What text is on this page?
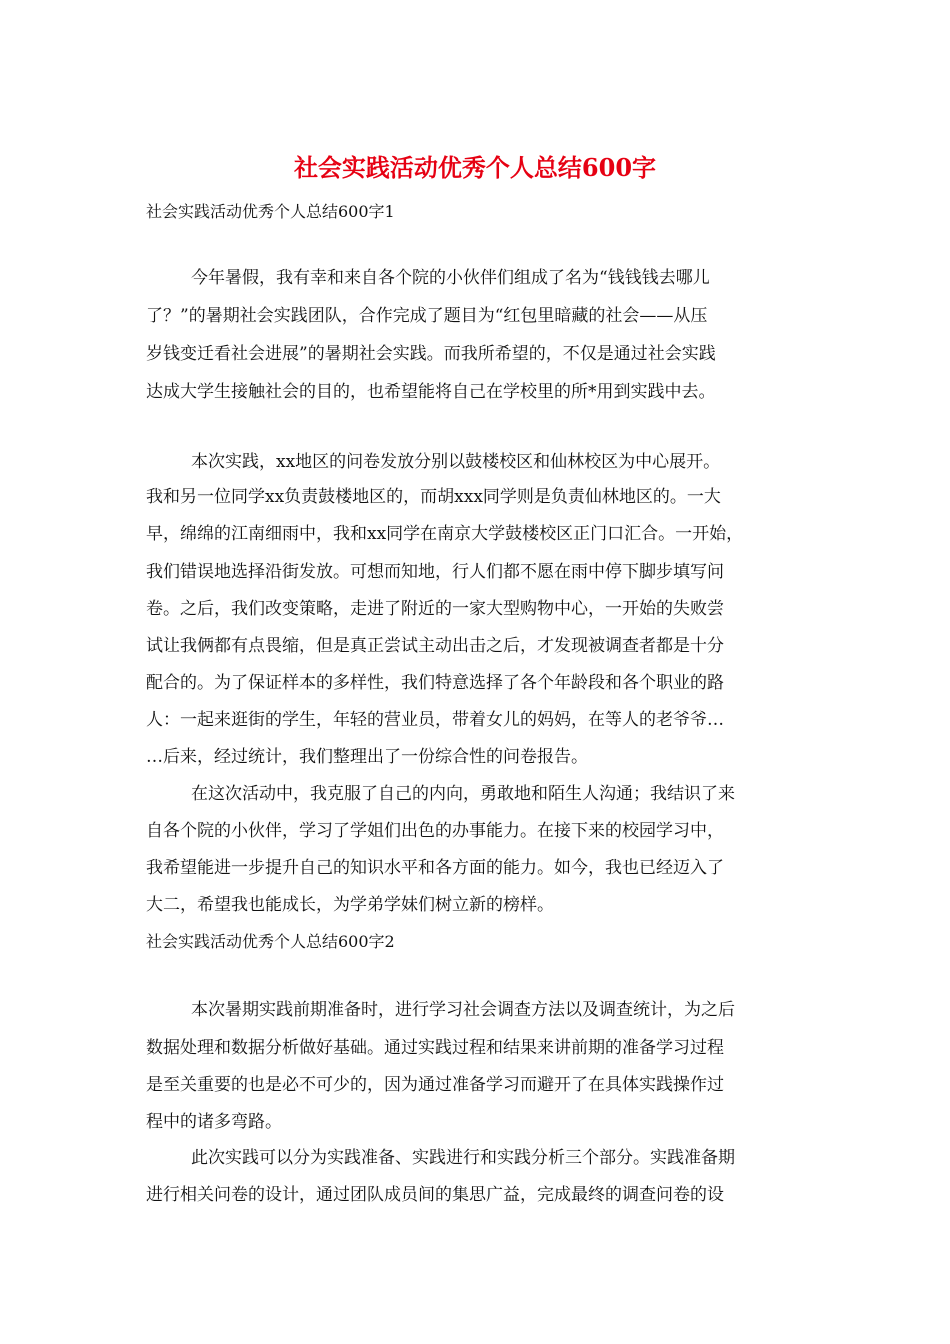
社会实践活动优秀个人总结600字

社会实践活动优秀个人总结600字1

今年暑假，我有幸和来自各个院的小伙伴们组成了名为“钱钱钱去哪儿

了？”的暑期社会实践团队，合作完成了题目为“红包里暗藏的社会——从压

岁钱变迁看社会进展”的暑期社会实践。而我所希望的，不仅是通过社会实践

达成大学生接触社会的目的，也希望能将自己在学校里的所*用到实践中去。

本次实践，xx地区的问卷发放分别以鼓楼校区和仙林校区为中心展开。

我和另一位同学xx负责鼓楼地区的，而胡xxx同学则是负责仙林地区的。一大

早，绵绵的江南细雨中，我和xx同学在南京大学鼓楼校区正门口汇合。一开始，

我们错误地选择沿街发放。可想而知地，行人们都不愿在雨中停下脚步填写问

卷。之后，我们改变策略，走进了附近的一家大型购物中心，一开始的失败尝

试让我俩都有点畏缩，但是真正尝试主动出击之后，才发现被调查者都是十分

配合的。为了保证样本的多样性，我们特意选择了各个年龄段和各个职业的路

人：一起来逛街的学生，年轻的营业员，带着女儿的妈妈，在等人的老爷爷…

…后来，经过统计，我们整理出了一份综合性的问卷报告。

在这次活动中，我克服了自己的内向，勇敢地和陌生人沟通；我结识了来

自各个院的小伙伴，学习了学姐们出色的办事能力。在接下来的校园学习中，

我希望能进一步提升自己的知识水平和各方面的能力。如今，我也已经迈入了

大二，希望我也能成长，为学弟学妹们树立新的榜样。

社会实践活动优秀个人总结600字2

本次暑期实践前期准备时，进行学习社会调查方法以及调查统计，为之后

数据处理和数据分析做好基础。通过实践过程和结果来讲前期的准备学习过程

是至关重要的也是必不可少的，因为通过准备学习而避开了在具体实践操作过

程中的诸多弯路。

此次实践可以分为实践准备、实践进行和实践分析三个部分。实践准备期

进行相关问卷的设计，通过团队成员间的集思广益，完成最终的调查问卷的设
